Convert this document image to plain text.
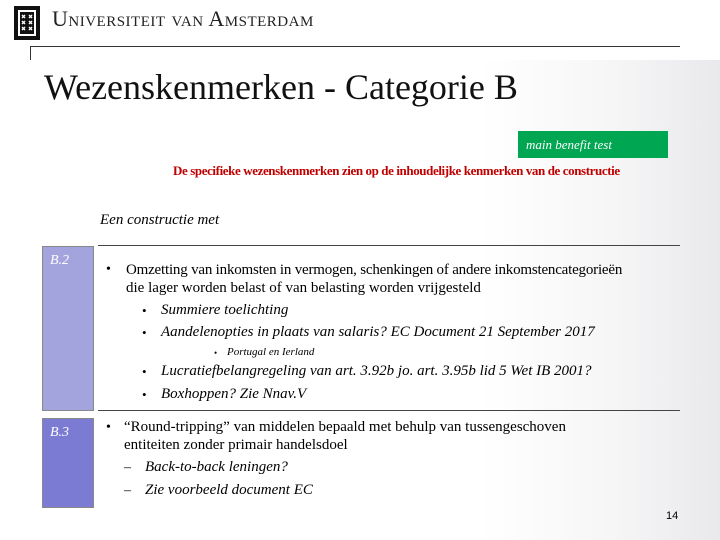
Universiteit van Amsterdam
Wezenskenmerken - Categorie B
main benefit test
De specifieke wezenskenmerken zien op de inhoudelijke kenmerken van de constructie
Een constructie met
B.2
• Omzetting van inkomsten in vermogen, schenkingen of andere inkomstencategorieën
die lager worden belast of van belasting worden vrijgesteld
• Summiere toelichting
• Aandelenopties in plaats van salaris? EC Document 21 September 2017
• Portugal en Ierland
• Lucratiefbelangregeling van art. 3.92b jo. art. 3.95b lid 5 Wet IB 2001?
• Boxhoppen? Zie Nnav.V
B.3	• “Round-tripping” van middelen bepaald met behulp van tussengeschoven
entiteiten zonder primair handelsdoel
– Back-to-back leningen?
– Zie voorbeeld document EC
14
